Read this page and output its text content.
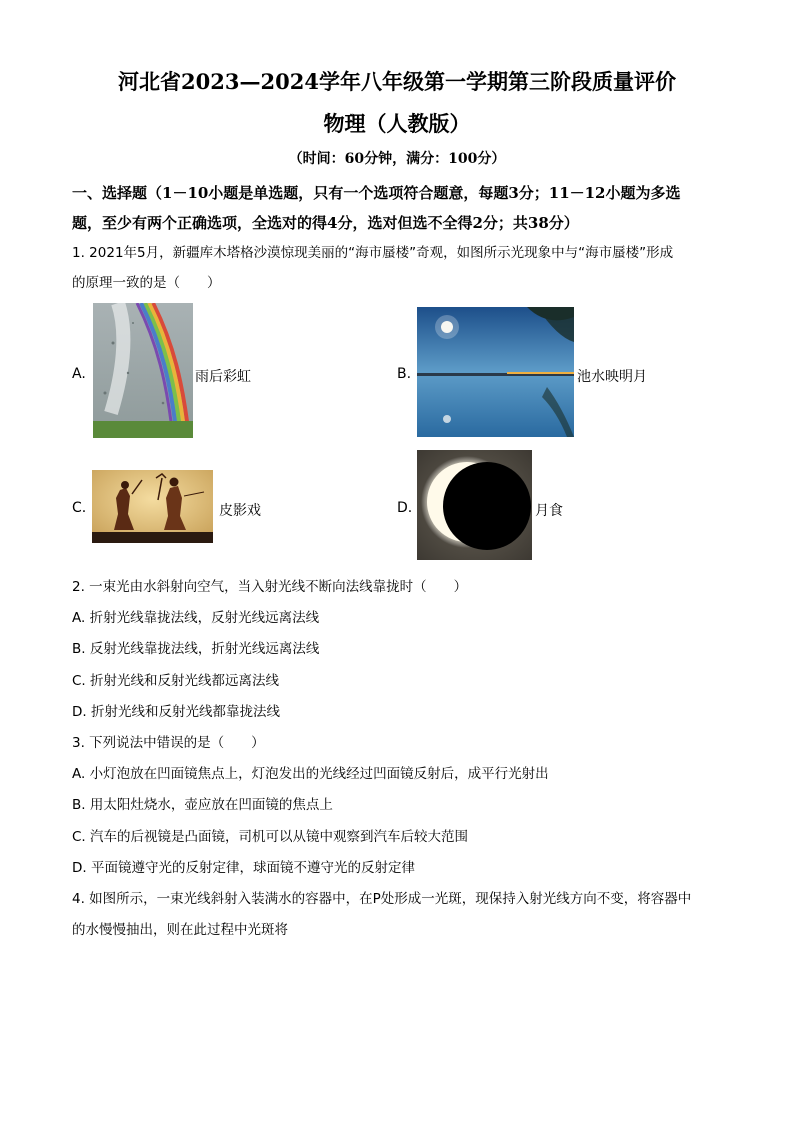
河北省2023—2024学年八年级第一学期第三阶段质量评价
物理（人教版）
（时间：60分钟，满分：100分）
一、选择题（1－10小题是单选题，只有一个选项符合题意，每题3分；11－12小题为多选
题，至少有两个正确选项，全选对的得4分，选对但选不全得2分；共38分）
1. 2021年5月，新疆库木塔格沙漠惊现美丽的“海市蜃楼”奇观，如图所示光现象中与“海市蜃楼”形成
的原理一致的是（　　）
A.	雨后彩虹	B.	池水映明月
C.	皮影戏	D.	月食
2. 一束光由水斜射向空气，当入射光线不断向法线靠拢时（　　）
A. 折射光线靠拢法线，反射光线远离法线
B. 反射光线靠拢法线，折射光线远离法线
C. 折射光线和反射光线都远离法线
D. 折射光线和反射光线都靠拢法线
3. 下列说法中错误的是（　　）
A. 小灯泡放在凹面镜焦点上，灯泡发出的光线经过凹面镜反射后，成平行光射出
B. 用太阳灶烧水，壶应放在凹面镜的焦点上
C. 汽车的后视镜是凸面镜，司机可以从镜中观察到汽车后较大范围
D. 平面镜遵守光的反射定律，球面镜不遵守光的反射定律
4. 如图所示，一束光线斜射入装满水的容器中，在P处形成一光斑，现保持入射光线方向不变，将容器中
的水慢慢抽出，则在此过程中光斑将
